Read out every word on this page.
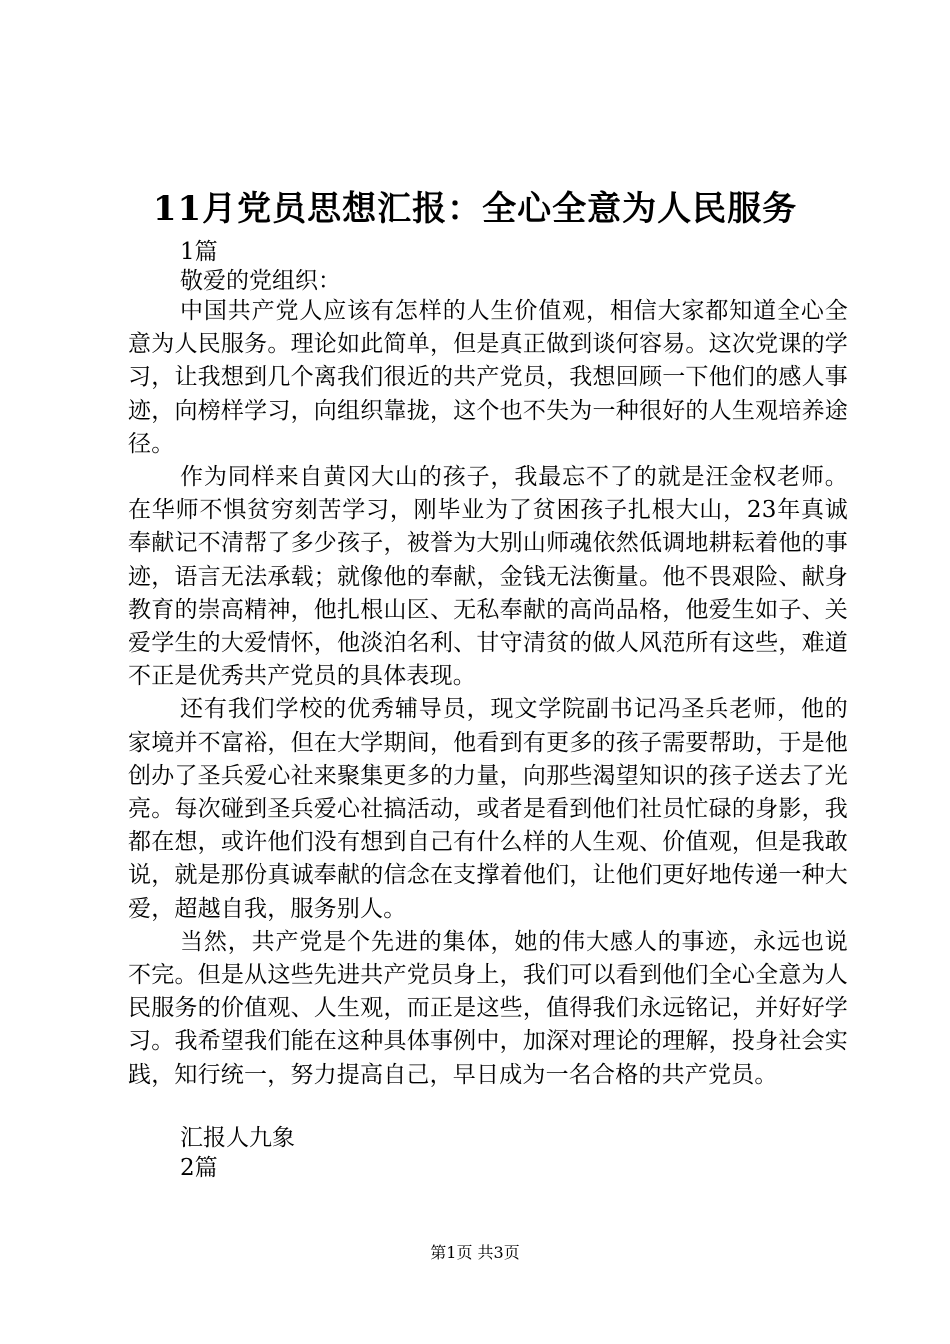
11月党员思想汇报：全心全意为人民服务

1篇

敬爱的党组织：

中国共产党人应该有怎样的人生价值观，相信大家都知道全心全意为人民服务。理论如此简单，但是真正做到谈何容易。这次党课的学习，让我想到几个离我们很近的共产党员，我想回顾一下他们的感人事迹，向榜样学习，向组织靠拢，这个也不失为一种很好的人生观培养途径。

作为同样来自黄冈大山的孩子，我最忘不了的就是汪金权老师。在华师不惧贫穷刻苦学习，刚毕业为了贫困孩子扎根大山，23年真诚奉献记不清帮了多少孩子，被誉为大别山师魂依然低调地耕耘着他的事迹，语言无法承载；就像他的奉献，金钱无法衡量。他不畏艰险、献身教育的崇高精神，他扎根山区、无私奉献的高尚品格，他爱生如子、关爱学生的大爱情怀，他淡泊名利、甘守清贫的做人风范所有这些，难道不正是优秀共产党员的具体表现。

还有我们学校的优秀辅导员，现文学院副书记冯圣兵老师，他的家境并不富裕，但在大学期间，他看到有更多的孩子需要帮助，于是他创办了圣兵爱心社来聚集更多的力量，向那些渴望知识的孩子送去了光亮。每次碰到圣兵爱心社搞活动，或者是看到他们社员忙碌的身影，我都在想，或许他们没有想到自己有什么样的人生观、价值观，但是我敢说，就是那份真诚奉献的信念在支撑着他们，让他们更好地传递一种大爱，超越自我，服务别人。

当然，共产党是个先进的集体，她的伟大感人的事迹，永远也说不完。但是从这些先进共产党员身上，我们可以看到他们全心全意为人民服务的价值观、人生观，而正是这些，值得我们永远铭记，并好好学习。我希望我们能在这种具体事例中，加深对理论的理解，投身社会实践，知行统一，努力提高自己，早日成为一名合格的共产党员。

汇报人九象

2篇

第1页 共3页
